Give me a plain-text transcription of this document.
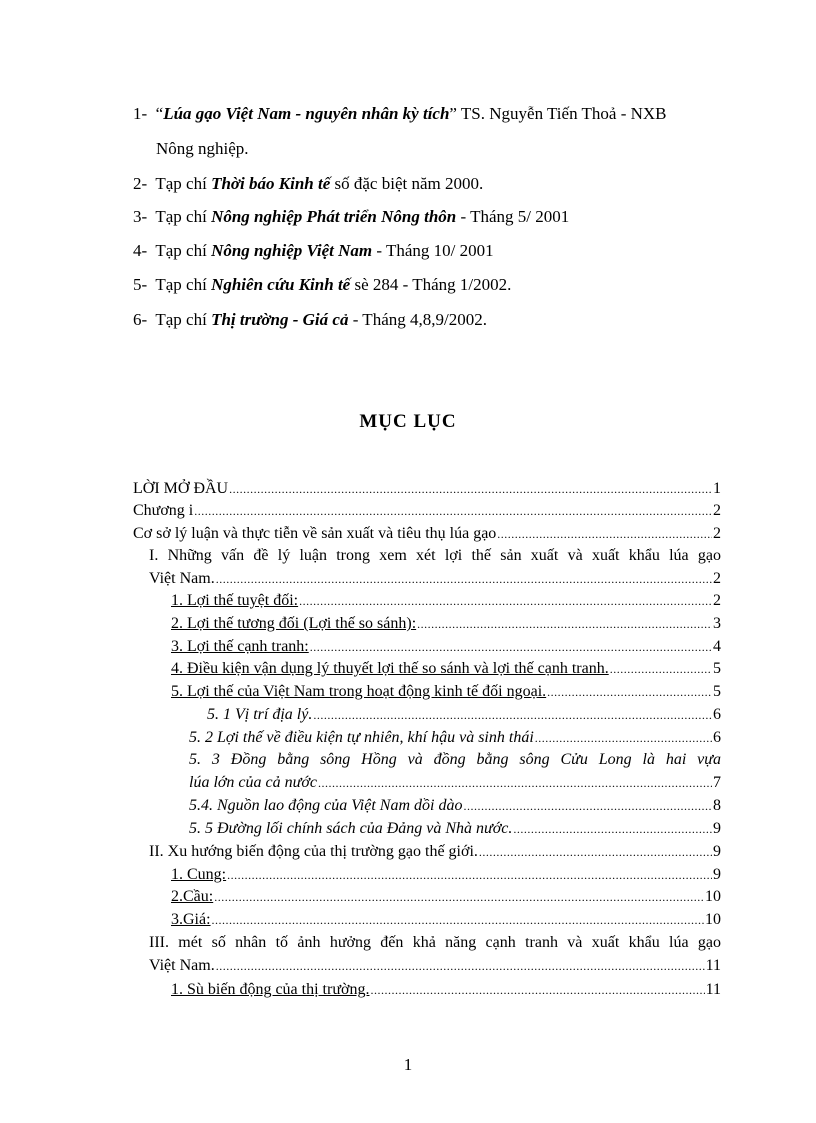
1- “Lúa gạo Việt Nam - nguyên nhân kỳ tích” TS. Nguyễn Tiến Thoả - NXB
Nông nghiệp.
2- Tạp chí Thời báo Kinh tế số đặc biệt năm 2000.
3- Tạp chí Nông nghiệp Phát triển Nông thôn - Tháng 5/ 2001
4- Tạp chí Nông nghiệp Việt Nam - Tháng 10/ 2001
5- Tạp chí Nghiên cứu Kinh tế sè 284 - Tháng 1/2002.
6- Tạp chí Thị trường - Giá cả - Tháng 4,8,9/2002.
MỤC LỤC
LỜI MỞ ĐẦU .....	1
Chương i .....	2
Cơ sở lý luận và thực tiễn về sản xuất và tiêu thụ lúa gạo .....	2
I. Những vấn đề lý luận trong xem xét lợi thế sản xuất và xuất khẩu lúa gạo
Việt Nam. .....	2
1. Lợi thế tuyệt đối: .....	2
2. Lợi thế tương đối (Lợi thế so sánh): .....	3
3. Lợi thế cạnh tranh: .....	4
4. Điều kiện vận dụng lý thuyết lợi thế so sánh và lợi thế cạnh tranh. .....	5
5. Lợi thế của Việt Nam trong hoạt động kinh tế đối ngoại. .....	5
5. 1 Vị trí địa lý. .....	6
5. 2 Lợi thế về điều kiện tự nhiên, khí hậu và sinh thái .....	6
5. 3 Đồng bằng sông Hồng và đồng bằng sông Cửu Long là hai vựa
lúa lớn của cả nước .....	7
5.4. Nguồn lao động của Việt Nam dồi dào .....	8
5. 5 Đường lối chính sách của Đảng và Nhà nước. .....	9
II. Xu hướng biến động của thị trường gạo thế giới. .....	9
1. Cung: .....	9
2.Cầu: .....	10
3.Giá: .....	10
III. mét số nhân tố ảnh hưởng đến khả năng cạnh tranh và xuất khẩu lúa gạo
Việt Nam. .....	11
1. Sù biến động của thị trường. .....	11
1
